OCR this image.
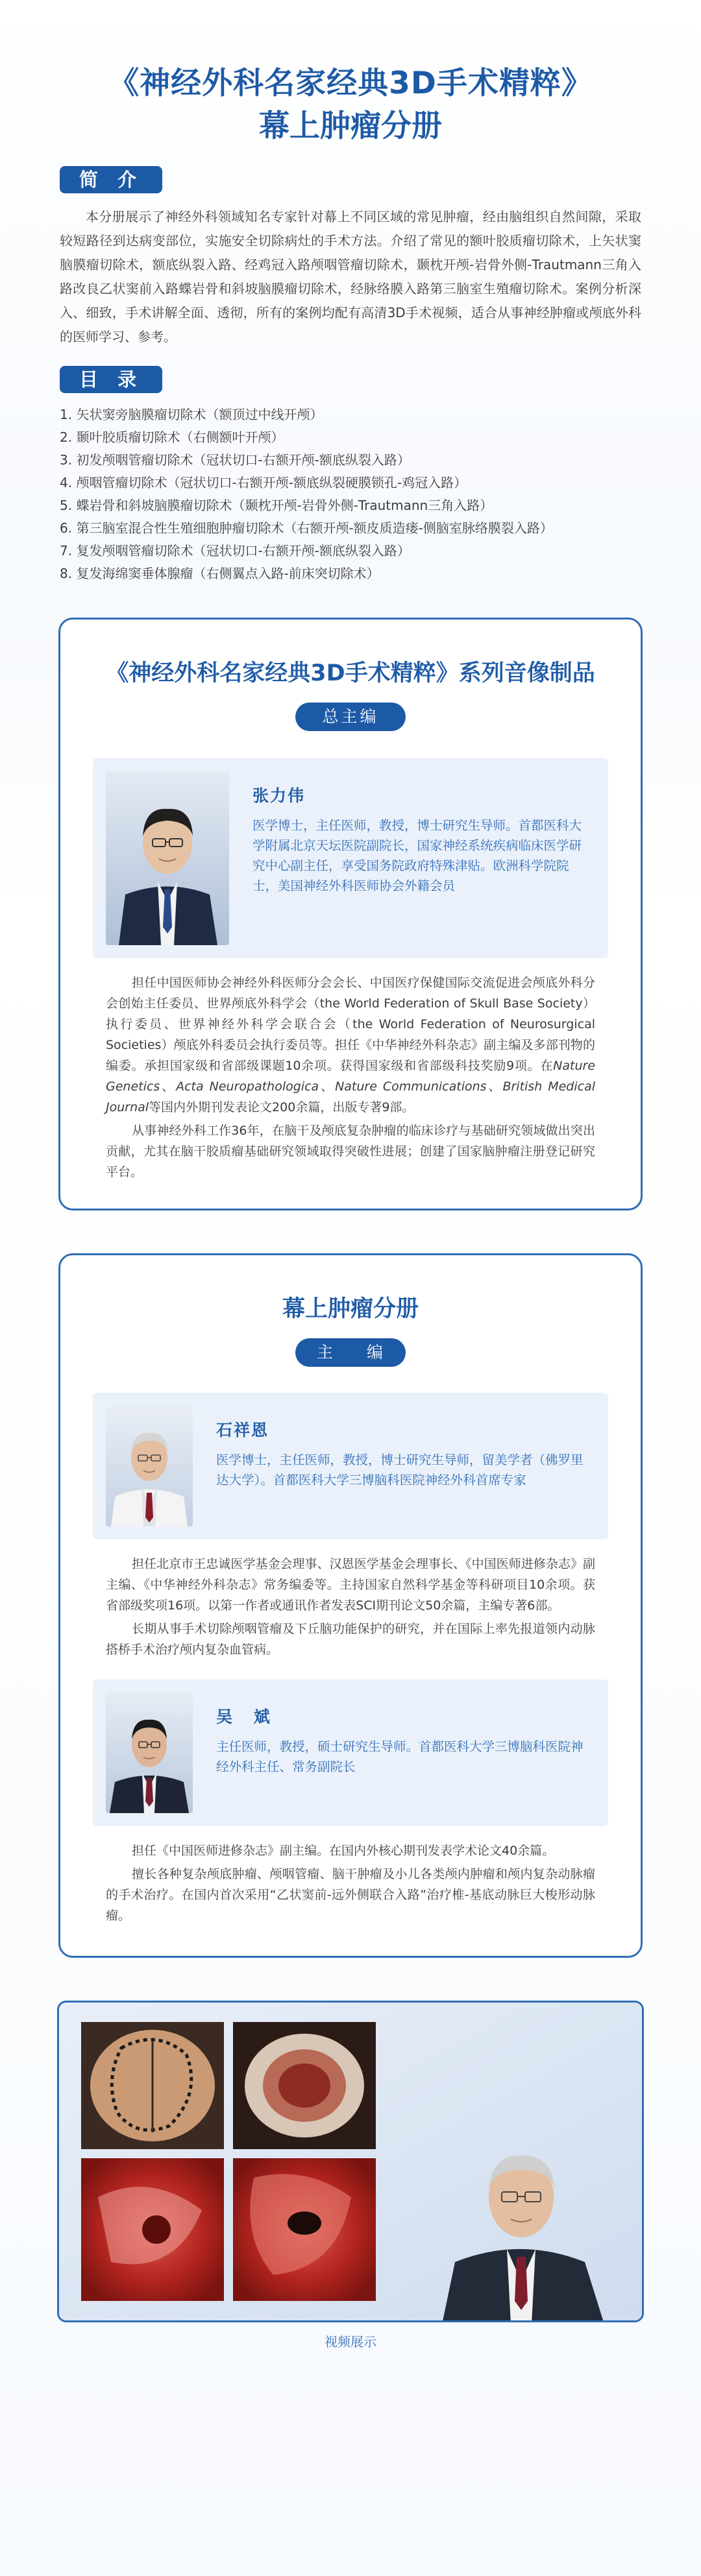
《神经外科名家经典3D手术精粹》
幕上肿瘤分册
简 介

本分册展示了神经外科领域知名专家针对幕上不同区域的常见肿瘤，经由脑组织自然间隙，采取较短路径到达病变部位，实施安全切除病灶的手术方法。介绍了常见的额叶胶质瘤切除术，上矢状窦脑膜瘤切除术，额底纵裂入路、经鸡冠入路颅咽管瘤切除术，颞枕开颅-岩骨外侧-Trautmann三角入路改良乙状窦前入路蝶岩骨和斜坡脑膜瘤切除术，经脉络膜入路第三脑室生殖瘤切除术。案例分析深入、细致，手术讲解全面、透彻，所有的案例均配有高清3D手术视频，适合从事神经肿瘤或颅底外科的医师学习、参考。

目 录
1. 矢状窦旁脑膜瘤切除术（额顶过中线开颅）
2. 颞叶胶质瘤切除术（右侧额叶开颅）
3. 初发颅咽管瘤切除术（冠状切口-右额开颅-额底纵裂入路）
4. 颅咽管瘤切除术（冠状切口-右额开颅-额底纵裂硬膜锁孔-鸡冠入路）
5. 蝶岩骨和斜坡脑膜瘤切除术（颞枕开颅-岩骨外侧-Trautmann三角入路）
6. 第三脑室混合性生殖细胞肿瘤切除术（右额开颅-额皮质造瘘-侧脑室脉络膜裂入路）
7. 复发颅咽管瘤切除术（冠状切口-右额开颅-额底纵裂入路）
8. 复发海绵窦垂体腺瘤（右侧翼点入路-前床突切除术）
《神经外科名家经典3D手术精粹》系列音像制品
总主编
张力伟
医学博士，主任医师，教授，博士研究生导师。首都医科大学附属北京天坛医院副院长，国家神经系统疾病临床医学研究中心副主任，享受国务院政府特殊津贴。欧洲科学院院士，美国神经外科医师协会外籍会员

担任中国医师协会神经外科医师分会会长、中国医疗保健国际交流促进会颅底外科分会创始主任委员、世界颅底外科学会（the World Federation of Skull Base Society）执行委员、世界神经外科学会联合会（the World Federation of Neurosurgical Societies）颅底外科委员会执行委员等。担任《中华神经外科杂志》副主编及多部刊物的编委。承担国家级和省部级课题10余项。获得国家级和省部级科技奖励9项。在Nature Genetics、Acta Neuropathologica、Nature Communications、British Medical Journal等国内外期刊发表论文200余篇，出版专著9部。

从事神经外科工作36年，在脑干及颅底复杂肿瘤的临床诊疗与基础研究领域做出突出贡献，尤其在脑干胶质瘤基础研究领域取得突破性进展；创建了国家脑肿瘤注册登记研究平台。

幕上肿瘤分册
主 编
石祥恩
医学博士，主任医师，教授，博士研究生导师，留美学者（佛罗里达大学）。首都医科大学三博脑科医院神经外科首席专家

担任北京市王忠诚医学基金会理事、汉恩医学基金会理事长、《中国医师进修杂志》副主编、《中华神经外科杂志》常务编委等。主持国家自然科学基金等科研项目10余项。获省部级奖项16项。以第一作者或通讯作者发表SCI期刊论文50余篇，主编专著6部。

长期从事手术切除颅咽管瘤及下丘脑功能保护的研究，并在国际上率先报道领内动脉搭桥手术治疗颅内复杂血管病。

吴 斌
主任医师，教授，硕士研究生导师。首都医科大学三博脑科医院神经外科主任、常务副院长

担任《中国医师进修杂志》副主编。在国内外核心期刊发表学术论文40余篇。

擅长各种复杂颅底肿瘤、颅咽管瘤、脑干肿瘤及小儿各类颅内肿瘤和颅内复杂动脉瘤的手术治疗。在国内首次采用“乙状窦前-远外侧联合入路”治疗椎-基底动脉巨大梭形动脉瘤。

视频展示
